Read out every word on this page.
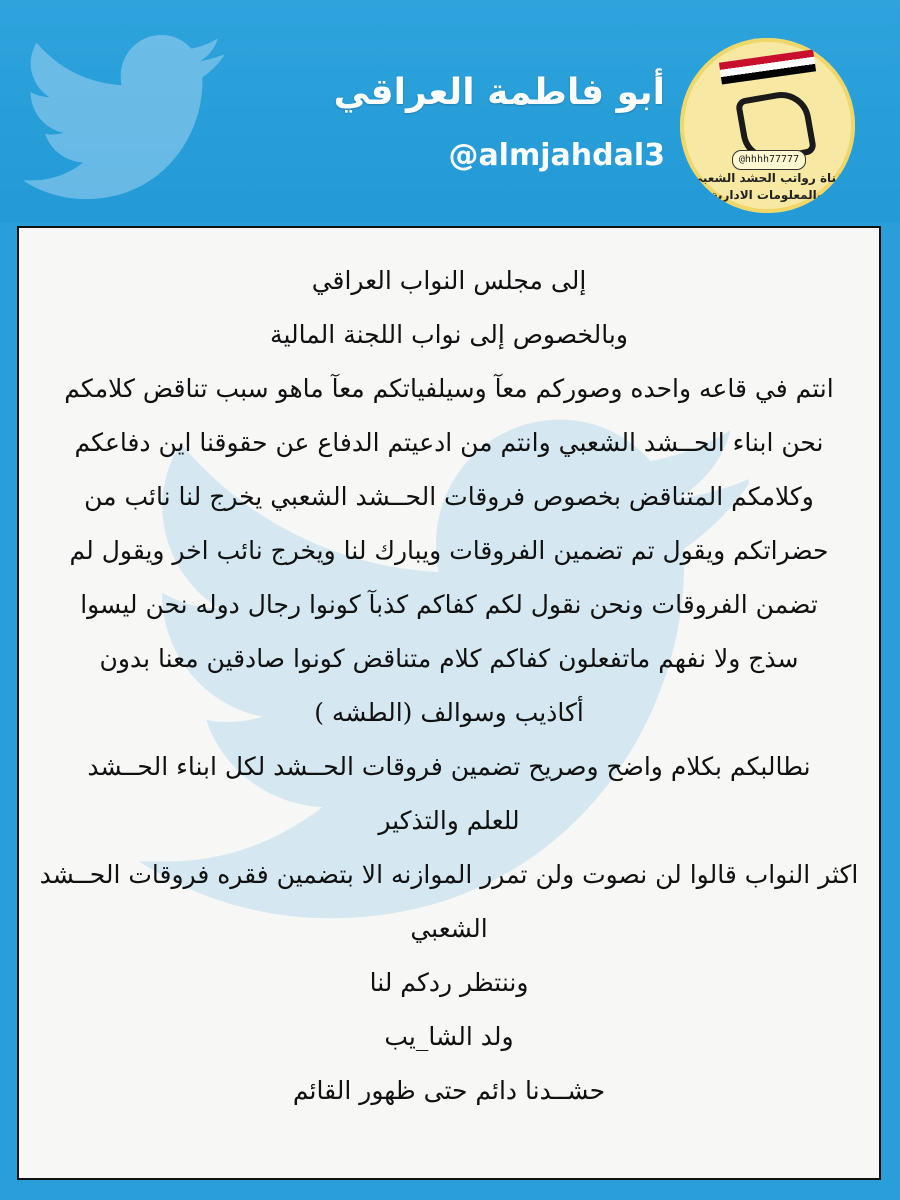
أبو فاطمة العراقي
@almjahdal3	@hhhh77777
قناة رواتب الحشد الشعبي
والمعلومات الادارية
إلى مجلس النواب العراقي
وبالخصوص إلى نواب اللجنة المالية
انتم في قاعه واحده وصوركم معآ وسيلفياتكم معآ ماهو سبب تناقض كلامكم
نحن ابناء الحــشد الشعبي وانتم من ادعيتم الدفاع عن حقوقنا اين دفاعكم
وكلامكم المتناقض بخصوص فروقات الحــشد الشعبي يخرج لنا نائب من
حضراتكم ويقول تم تضمين الفروقات ويبارك لنا ويخرج نائب اخر ويقول لم
تضمن الفروقات ونحن نقول لكم كفاكم كذبآ كونوا رجال دوله نحن ليسوا
سذج ولا نفهم ماتفعلون كفاكم كلام متناقض كونوا صادقين معنا بدون
أكاذيب وسوالف (الطشه )
نطالبكم بكلام واضح وصريح تضمين فروقات الحــشد لكل ابناء الحــشد
للعلم والتذكير
اكثر النواب قالوا لن نصوت ولن تمرر الموازنه الا بتضمين فقره فروقات الحــشد
الشعبي
وننتظر ردكم لنا
ولد الشا_يب
حشــدنا دائم حتى ظهور القائم
